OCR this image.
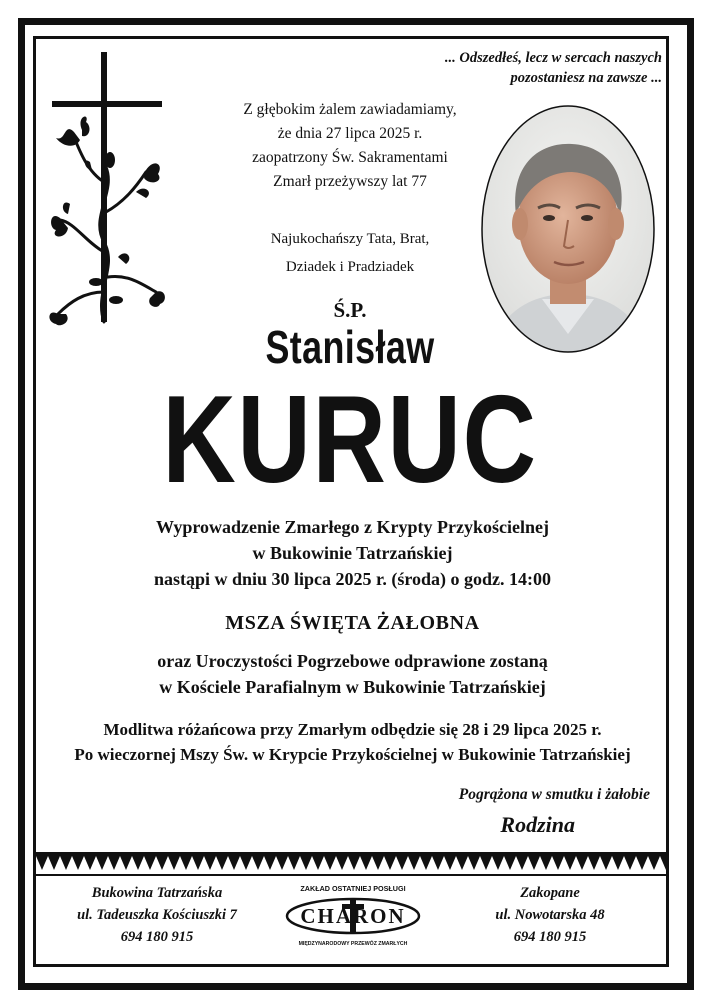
... Odszedłeś, lecz w sercach naszych
pozostaniesz na zawsze ...
Z głębokim żalem zawiadamiamy,
że dnia 27 lipca 2025 r.
zaopatrzony Św. Sakramentami
Zmarł przeżywszy lat 77
Najukochańszy Tata, Brat,
Dziadek i Pradziadek
Ś.P.
Stanisław
KURUC
Wyprowadzenie Zmarłego z Krypty Przykościelnej
w Bukowinie Tatrzańskiej
nastąpi w dniu 30 lipca 2025 r. (środa) o godz. 14:00
MSZA ŚWIĘTA ŻAŁOBNA
oraz Uroczystości Pogrzebowe odprawione zostaną
w Kościele Parafialnym w Bukowinie Tatrzańskiej
Modlitwa różańcowa przy Zmarłym odbędzie się 28 i 29 lipca 2025 r.
Po wieczornej Mszy Św. w Krypcie Przykościelnej w Bukowinie Tatrzańskiej
Pogrążona w smutku i żałobie
Rodzina
Bukowina Tatrzańska
ul. Tadeuszka Kościuszki 7
694 180 915
ZAKŁAD OSTATNIEJ POSŁUGI
CHARON
MIĘDZYNARODOWY PRZEWÓZ ZMARŁYCH
Zakopane
ul. Nowotarska 48
694 180 915
